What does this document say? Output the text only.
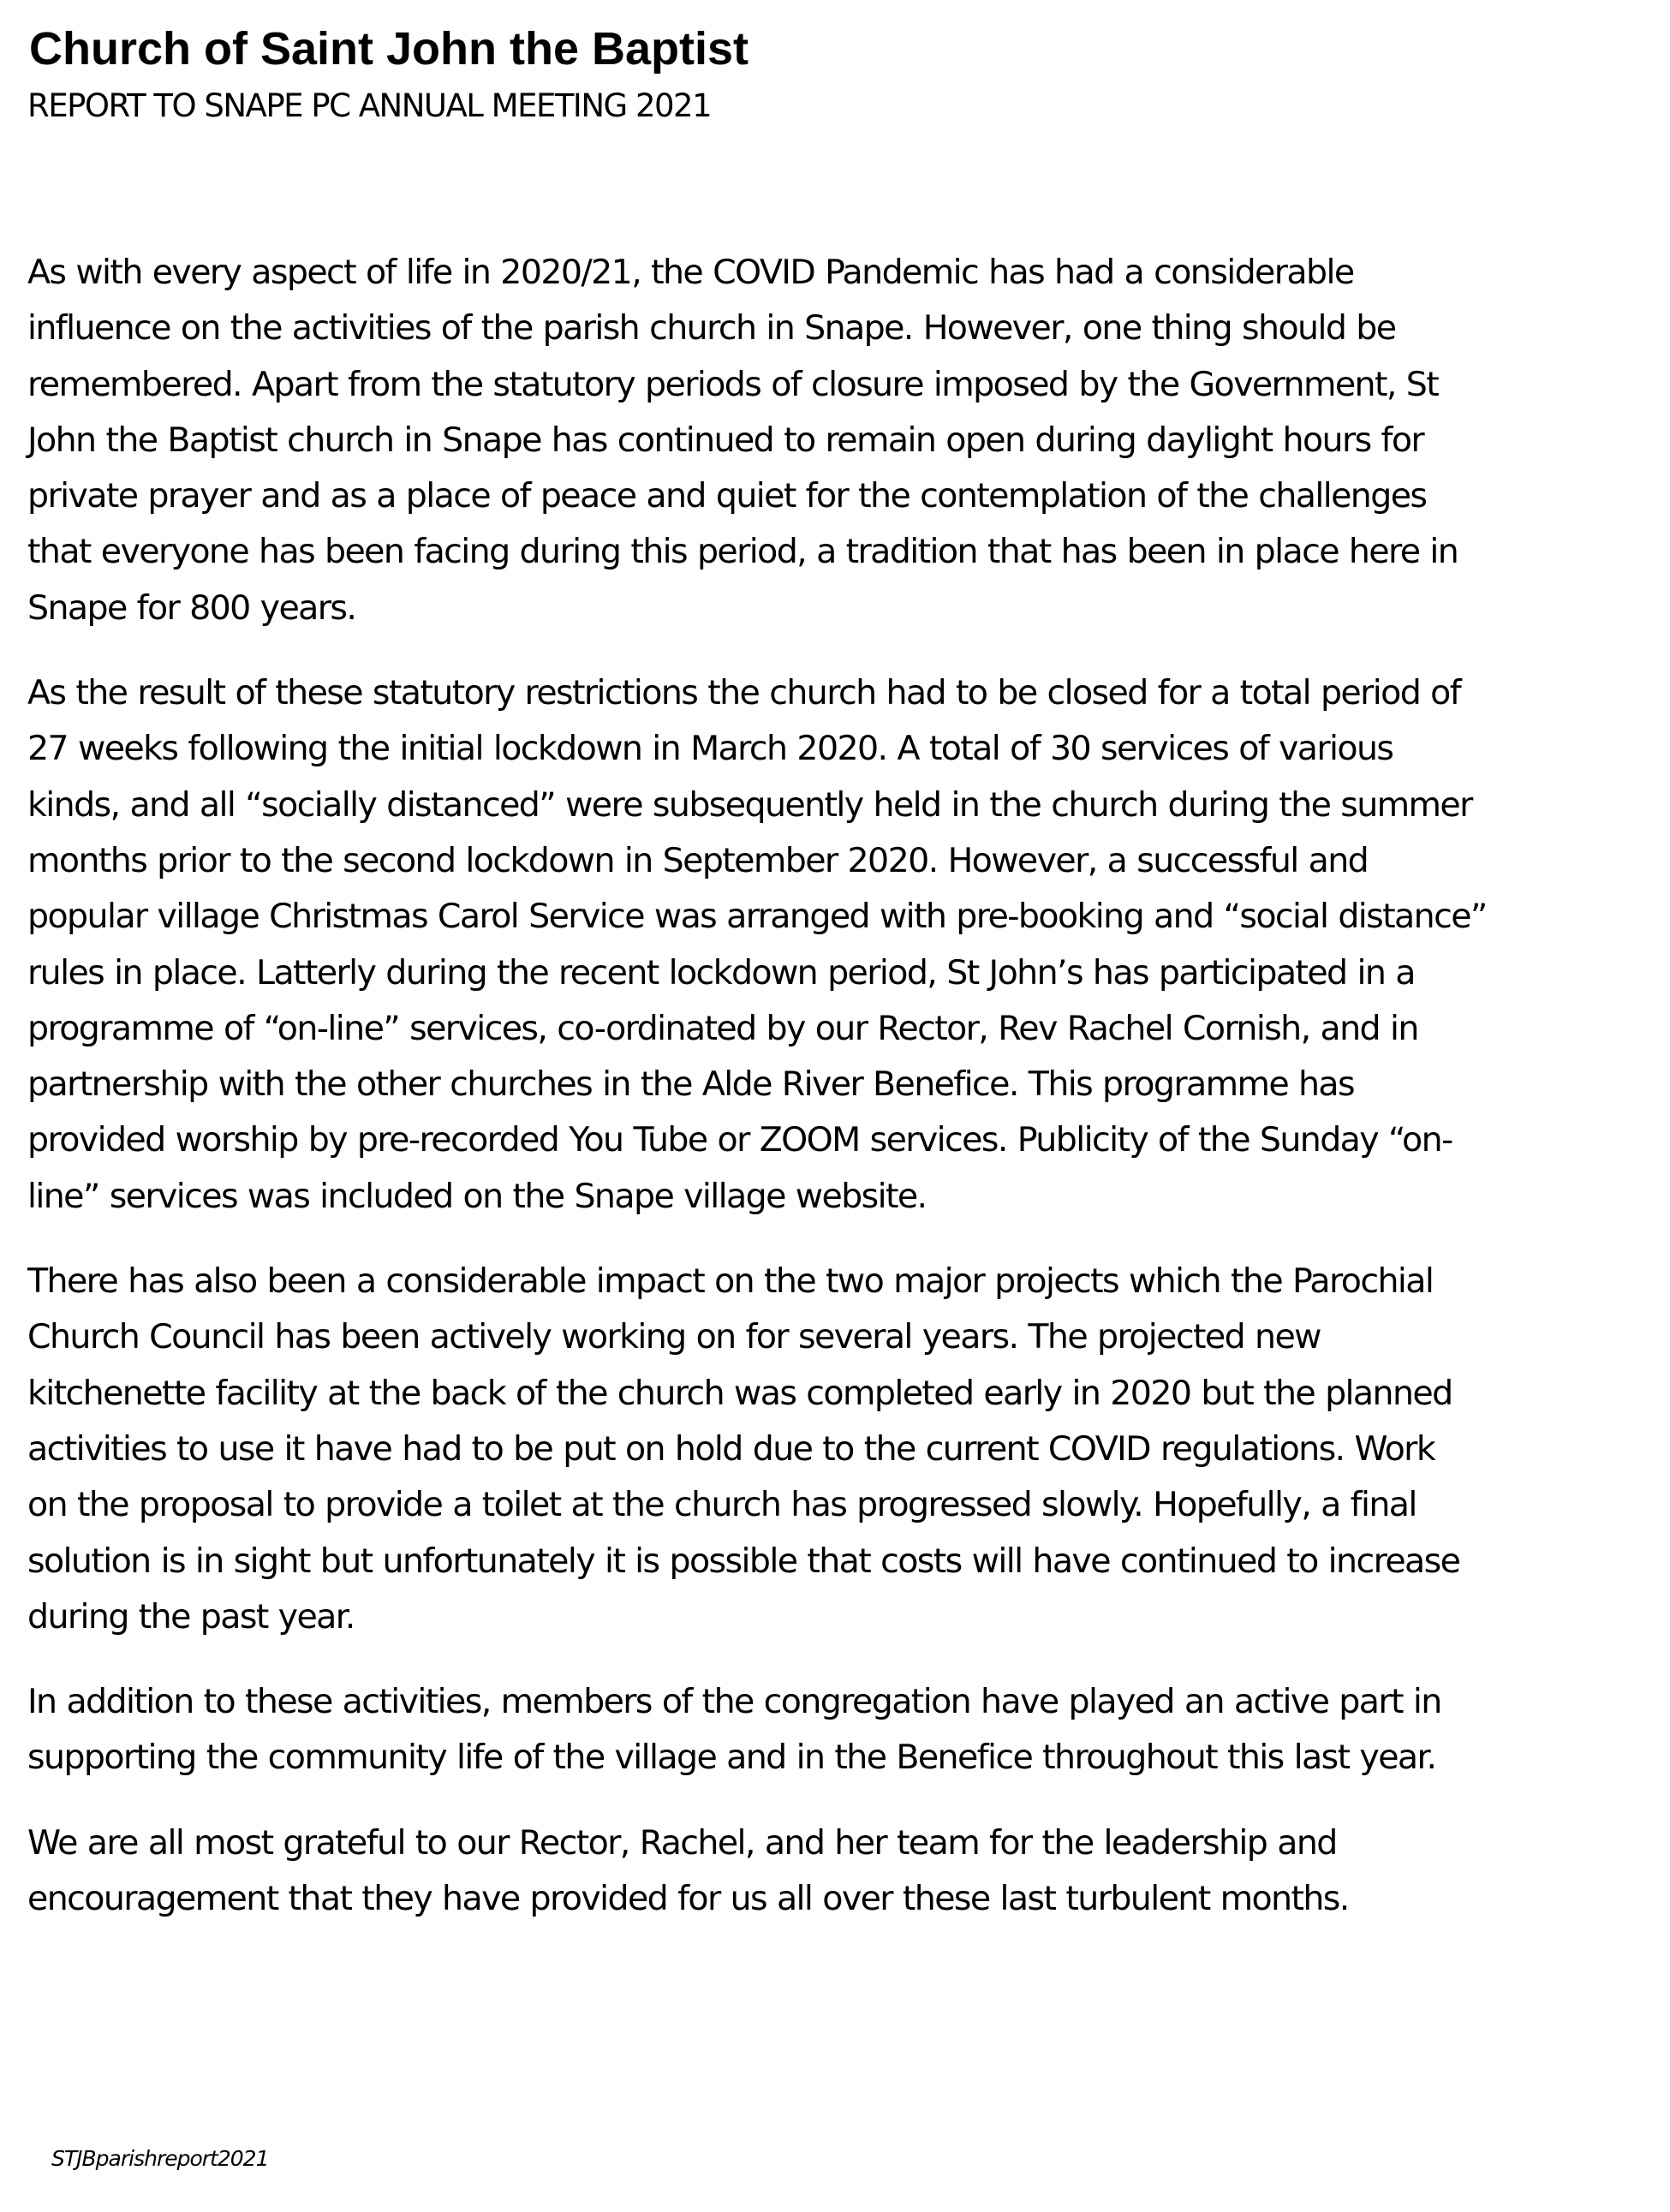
Church of Saint John the Baptist
REPORT TO SNAPE PC ANNUAL MEETING 2021

As with every aspect of life in 2020/21, the COVID Pandemic has had a considerable
influence on the activities of the parish church in Snape. However, one thing should be
remembered. Apart from the statutory periods of closure imposed by the Government, St
John the Baptist church in Snape has continued to remain open during daylight hours for
private prayer and as a place of peace and quiet for the contemplation of the challenges
that everyone has been facing during this period, a tradition that has been in place here in
Snape for 800 years.

As the result of these statutory restrictions the church had to be closed for a total period of
27 weeks following the initial lockdown in March 2020. A total of 30 services of various
kinds, and all “socially distanced” were subsequently held in the church during the summer
months prior to the second lockdown in September 2020. However, a successful and
popular village Christmas Carol Service was arranged with pre-booking and “social distance”
rules in place. Latterly during the recent lockdown period, St John’s has participated in a
programme of “on-line” services, co-ordinated by our Rector, Rev Rachel Cornish, and in
partnership with the other churches in the Alde River Benefice. This programme has
provided worship by pre-recorded You Tube or ZOOM services. Publicity of the Sunday “on-
line” services was included on the Snape village website.

There has also been a considerable impact on the two major projects which the Parochial
Church Council has been actively working on for several years. The projected new
kitchenette facility at the back of the church was completed early in 2020 but the planned
activities to use it have had to be put on hold due to the current COVID regulations. Work
on the proposal to provide a toilet at the church has progressed slowly. Hopefully, a final
solution is in sight but unfortunately it is possible that costs will have continued to increase
during the past year.

In addition to these activities, members of the congregation have played an active part in
supporting the community life of the village and in the Benefice throughout this last year.

We are all most grateful to our Rector, Rachel, and her team for the leadership and
encouragement that they have provided for us all over these last turbulent months.

STJBparishreport2021
